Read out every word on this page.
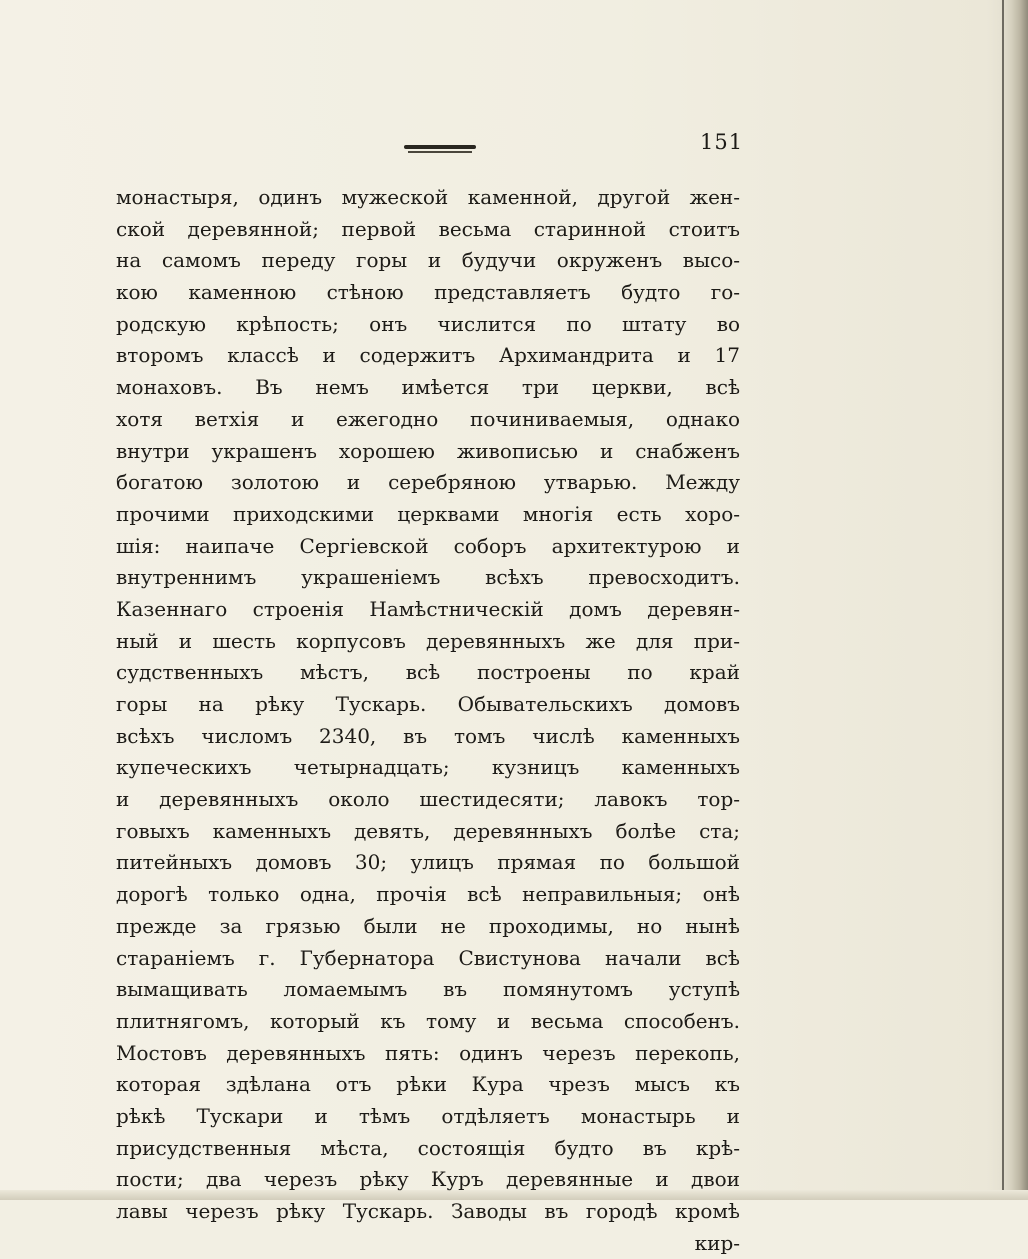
151
монастыря, одинъ мужеской каменной, другой жен-
ской деревянной; первой весьма старинной стоитъ
на самомъ переду горы и будучи окруженъ высо-
кою каменною стѣною представляетъ будто го-
родскую крѣпость; онъ числится по штату во
второмъ классѣ и содержитъ Архимандрита и 17
монаховъ. Въ немъ имѣется три церкви, всѣ
хотя ветхія и ежегодно починиваемыя, однако
внутри украшенъ хорошею живописью и снабженъ
богатою золотою и серебряною утварью. Между
прочими приходскими церквами многія есть хоро-
шія: наипаче Сергіевской соборъ архитектурою и
внутреннимъ украшеніемъ всѣхъ превосходитъ.
Казеннаго строенія Намѣстническій домъ деревян-
ный и шесть корпусовъ деревянныхъ же для при-
судственныхъ мѣстъ, всѣ построены по край
горы на рѣку Тускарь. Обывательскихъ домовъ
всѣхъ числомъ 2340, въ томъ числѣ каменныхъ
купеческихъ четырнадцать; кузницъ каменныхъ
и деревянныхъ около шестидесяти; лавокъ тор-
говыхъ каменныхъ девять, деревянныхъ болѣе ста;
питейныхъ домовъ 30; улицъ прямая по большой
дорогѣ только одна, прочія всѣ неправильныя; онѣ
прежде за грязью были не проходимы, но нынѣ
стараніемъ г. Губернатора Свистунова начали всѣ
вымащивать ломаемымъ въ помянутомъ уступѣ
плитнягомъ, который къ тому и весьма способенъ.
Мостовъ деревянныхъ пять: одинъ черезъ перекопь,
которая здѣлана отъ рѣки Кура чрезъ мысъ къ
рѣкѣ Тускари и тѣмъ отдѣляетъ монастырь и
присудственныя мѣста, состоящія будто въ крѣ-
пости; два черезъ рѣку Куръ деревянные и двои
лавы черезъ рѣку Тускарь. Заводы въ городѣ кромѣ
кир-
